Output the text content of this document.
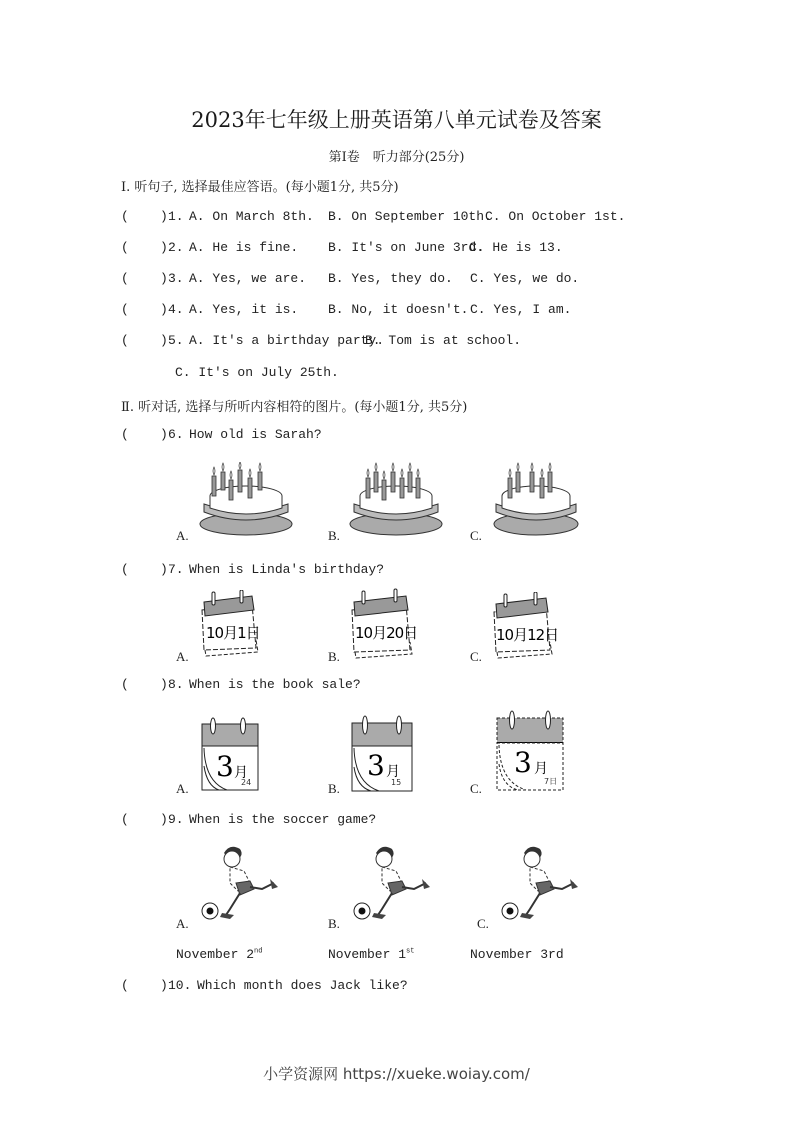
2023年七年级上册英语第八单元试卷及答案
第Ⅰ卷　听力部分(25分)
Ⅰ. 听句子, 选择最佳应答语。(每小题1分, 共5分)
(    ) 1. A. On March 8th. B. On September 10th.
C. On October 1st.
(    ) 2. A. He is fine. B. It's on June 3rd.
C. He is 13.
(    ) 3. A. Yes, we are. B. Yes, they do. C. Yes, we do.
(    ) 4. A. Yes, it is. B. No, it doesn't. C. Yes, I am.
(    ) 5. A. It's a birthday party.
B. Tom is at school.
C. It's on July 25th.
Ⅱ. 听对话, 选择与所听内容相符的图片。(每小题1分, 共5分)
(    ) 6. How old is Sarah?
A.	B.	C.
(    ) 7. When is Linda's birthday?
A.
10月1日
B.
10月20日
C.
10月12日
(    ) 8. When is the book sale?
A.
3 月
24	B.
3 月
15	C.
3 月
7日
(    ) 9. When is the soccer game?
A.	B.	C.
November 2nd	November 1st	November 3rd
(    ) 10. Which month does Jack like?
小学资源网 https://xueke.woiay.com/
